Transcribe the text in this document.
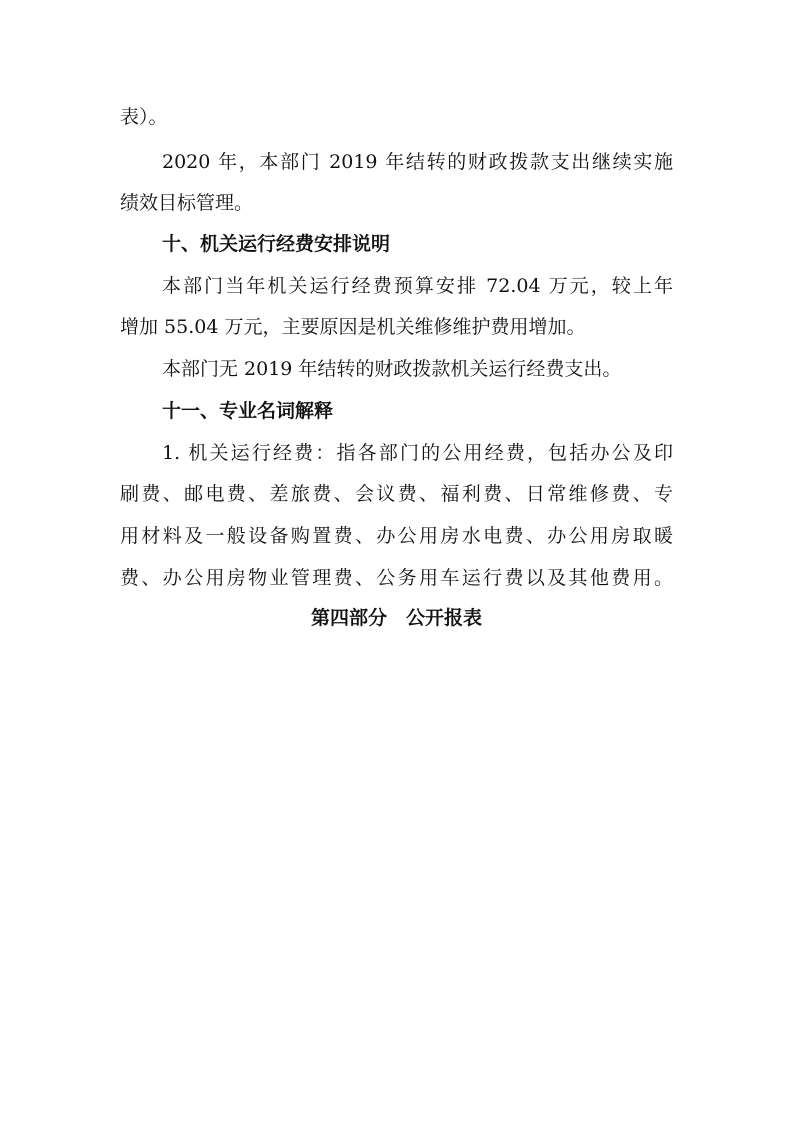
表）。
2020 年，本部门 2019 年结转的财政拨款支出继续实施
绩效目标管理。
十、机关运行经费安排说明
本部门当年机关运行经费预算安排 72.04 万元，较上年
增加 55.04 万元，主要原因是机关维修维护费用增加。
本部门无 2019 年结转的财政拨款机关运行经费支出。
十一、专业名词解释
1. 机关运行经费：指各部门的公用经费，包括办公及印
刷费、邮电费、差旅费、会议费、福利费、日常维修费、专
用材料及一般设备购置费、办公用房水电费、办公用房取暖
费、办公用房物业管理费、公务用车运行费以及其他费用。
第四部分　公开报表
